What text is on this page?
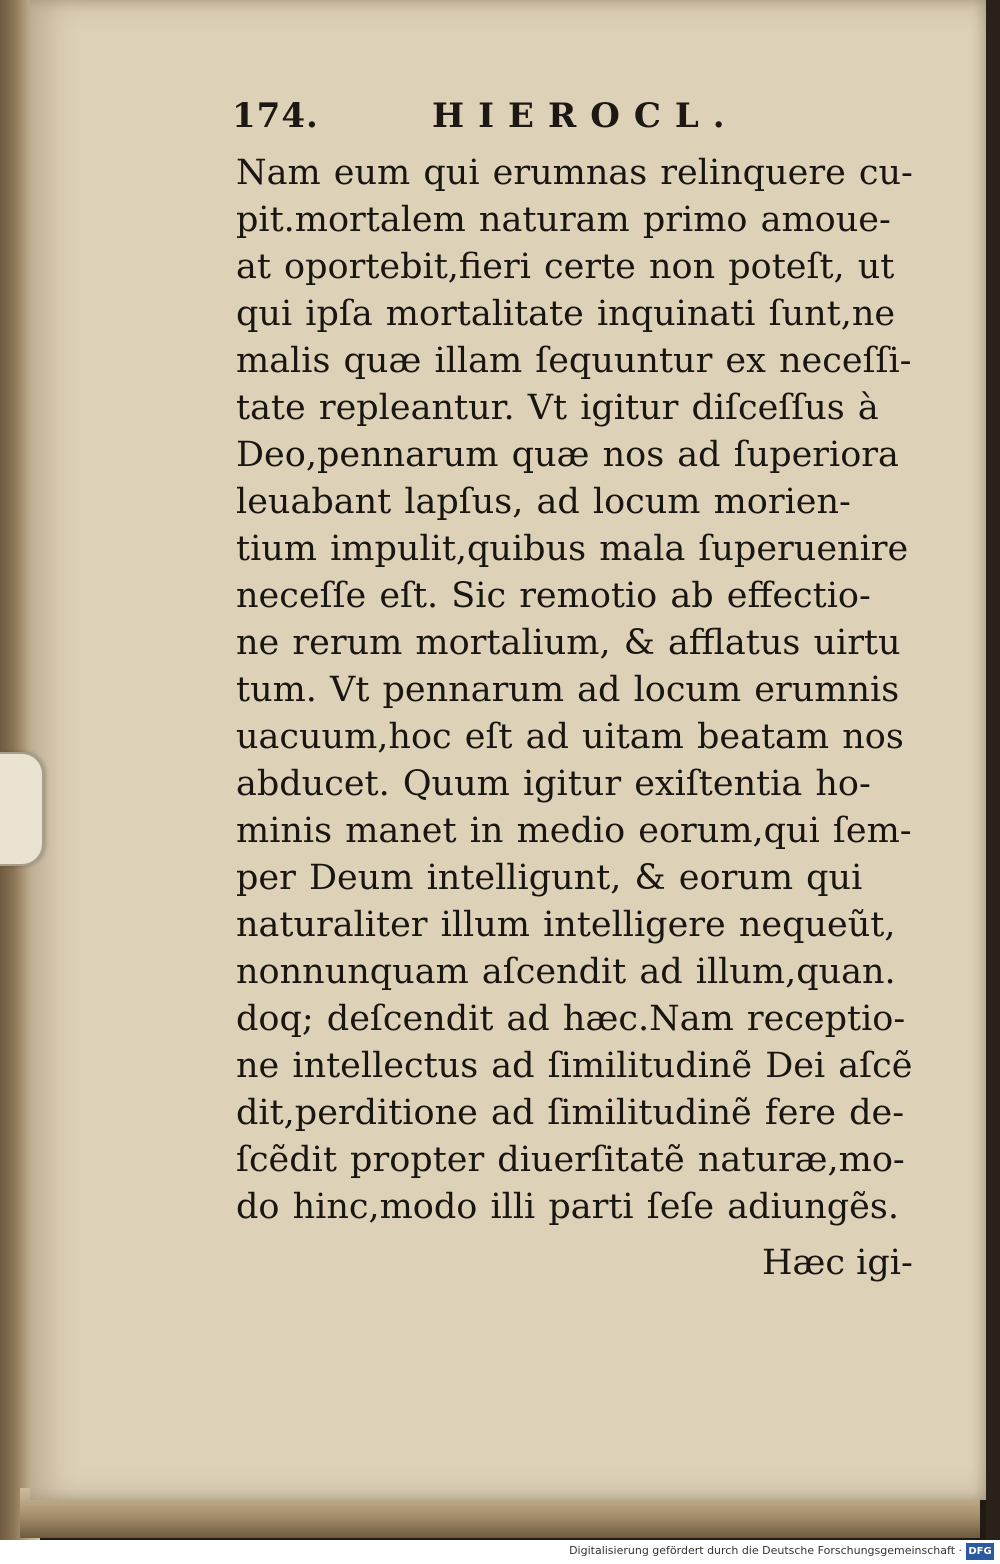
174.	HIEROCL.
Nam eum qui erumnas relinquere cu-
pit.mortalem naturam primo amoue-
at oportebit,fieri certe non poteſt, ut
qui ipſa mortalitate inquinati ſunt,ne
malis quæ illam ſequuntur ex neceſſi-
tate repleantur. Vt igitur diſceſſus à
Deo,pennarum quæ nos ad ſuperiora
leuabant lapſus, ad locum morien-
tium impulit,quibus mala ſuperuenire
neceſſe eſt. Sic remotio ab effectio-
ne rerum mortalium, & afflatus uirtu
tum. Vt pennarum ad locum erumnis
uacuum,hoc eſt ad uitam beatam nos
abducet. Quum igitur exiſtentia ho-
minis manet in medio eorum,qui ſem-
per Deum intelligunt, & eorum qui
naturaliter illum intelligere nequeũt,
nonnunquam aſcendit ad illum,quan.
doq; deſcendit ad hæc.Nam receptio-
ne intellectus ad ſimilitudinẽ Dei aſcẽ
dit,perditione ad ſimilitudinẽ fere de-
ſcẽdit propter diuerſitatẽ naturæ,mo-
do hinc,modo illi parti ſeſe adiungẽs.
Hæc igi-
Digitalisierung gefördert durch die Deutsche Forschungsgemeinschaft · DFG
